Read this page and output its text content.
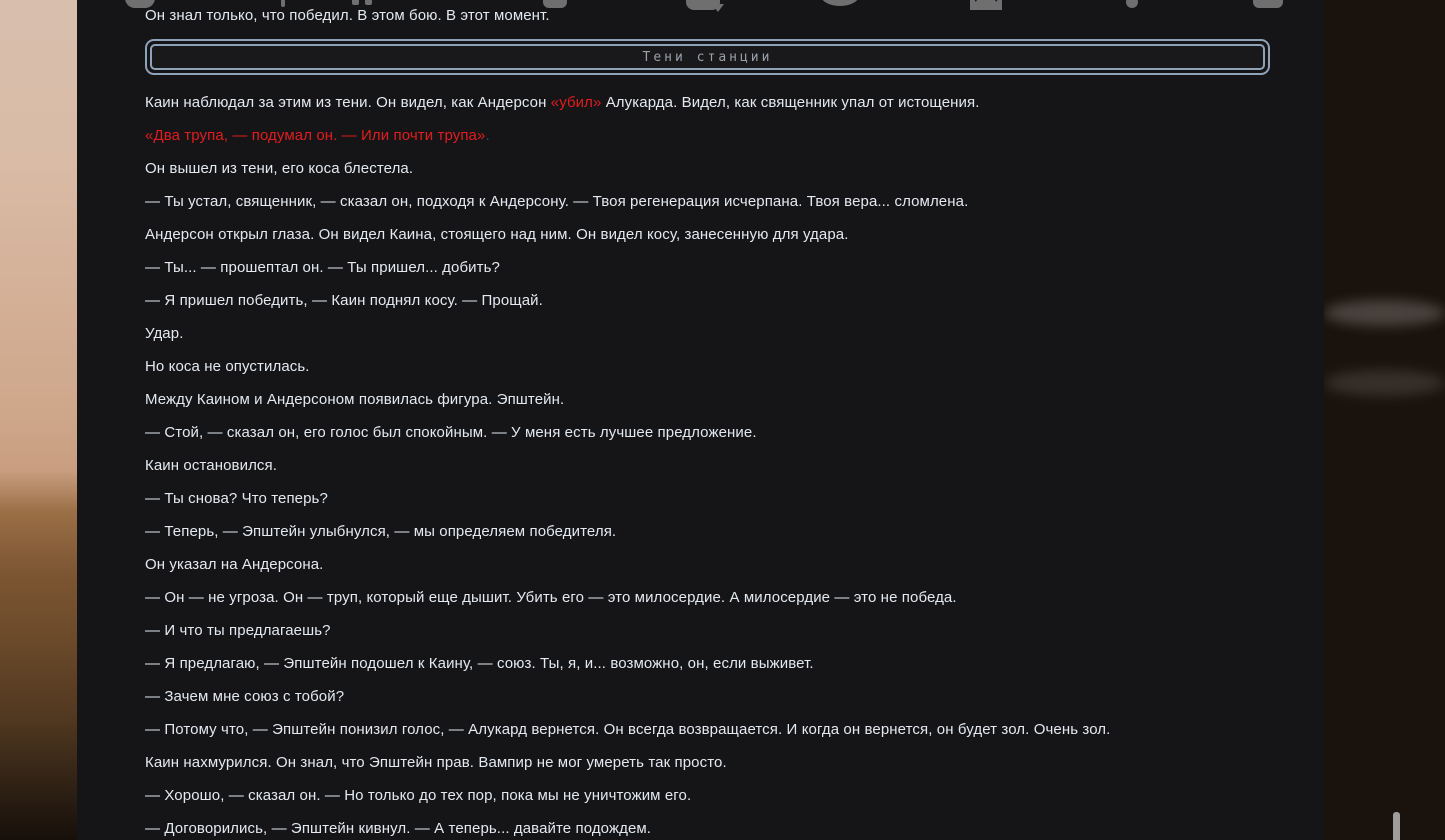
Он знал только, что победил. В этом бою. В этот момент.
Тени станции
Каин наблюдал за этим из тени. Он видел, как Андерсон «убил» Алукарда. Видел, как священник упал от истощения.
«Два трупа, — подумал он. — Или почти трупа».
Он вышел из тени, его коса блестела.
— Ты устал, священник, — сказал он, подходя к Андерсону. — Твоя регенерация исчерпана. Твоя вера... сломлена.
Андерсон открыл глаза. Он видел Каина, стоящего над ним. Он видел косу, занесенную для удара.
— Ты... — прошептал он. — Ты пришел... добить?
— Я пришел победить, — Каин поднял косу. — Прощай.
Удар.
Но коса не опустилась.
Между Каином и Андерсоном появилась фигура. Эпштейн.
— Стой, — сказал он, его голос был спокойным. — У меня есть лучшее предложение.
Каин остановился.
— Ты снова? Что теперь?
— Теперь, — Эпштейн улыбнулся, — мы определяем победителя.
Он указал на Андерсона.
— Он — не угроза. Он — труп, который еще дышит. Убить его — это милосердие. А милосердие — это не победа.
— И что ты предлагаешь?
— Я предлагаю, — Эпштейн подошел к Каину, — союз. Ты, я, и... возможно, он, если выживет.
— Зачем мне союз с тобой?
— Потому что, — Эпштейн понизил голос, — Алукард вернется. Он всегда возвращается. И когда он вернется, он будет зол. Очень зол.
Каин нахмурился. Он знал, что Эпштейн прав. Вампир не мог умереть так просто.
— Хорошо, — сказал он. — Но только до тех пор, пока мы не уничтожим его.
— Договорились, — Эпштейн кивнул. — А теперь... давайте подождем.
